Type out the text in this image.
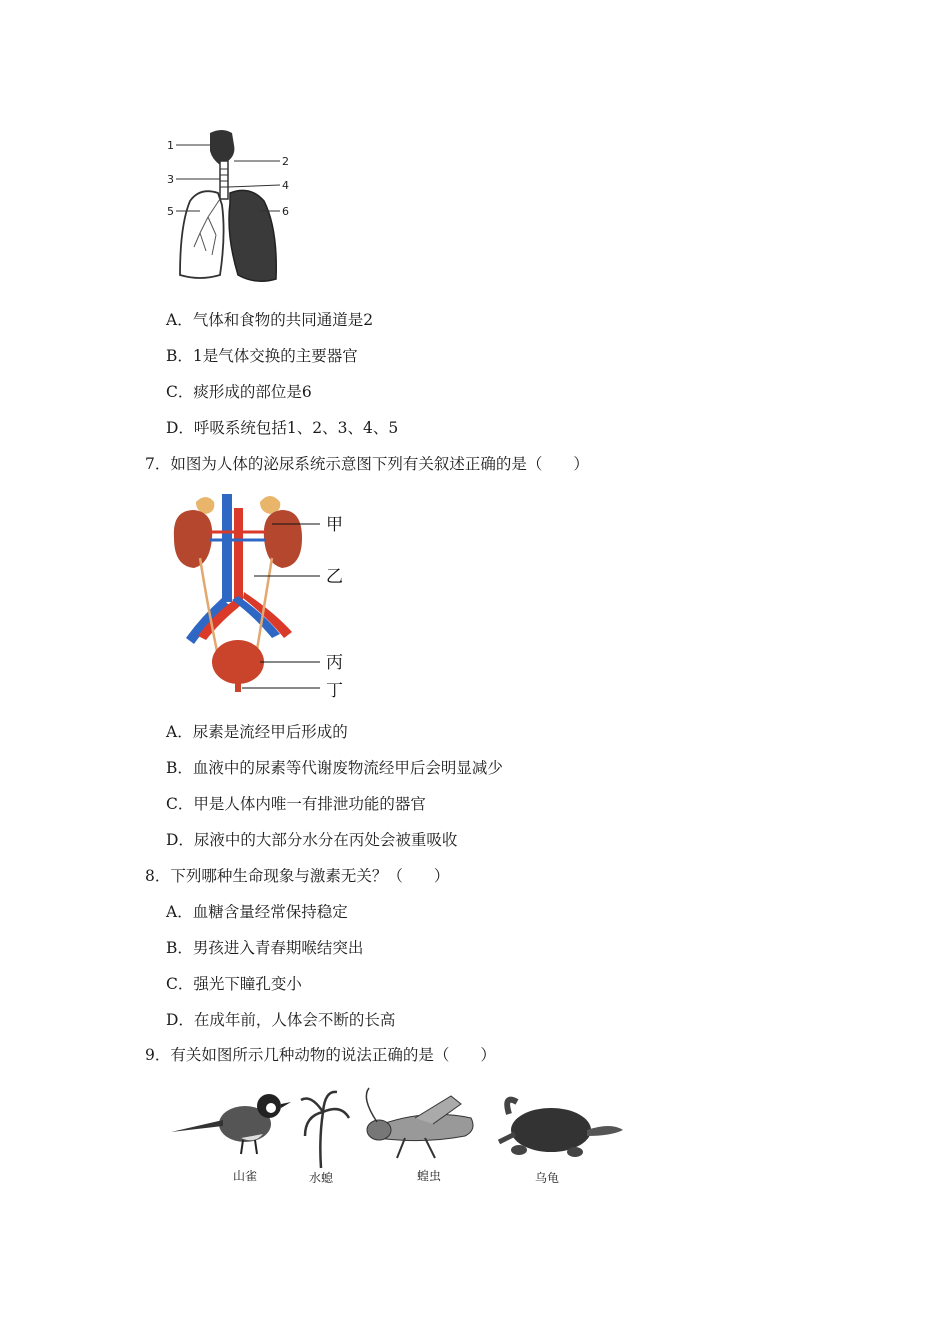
1
2
3	4
5	6
A．气体和食物的共同通道是2
B．1是气体交换的主要器官
C．痰形成的部位是6
D．呼吸系统包括1、2、3、4、5
7．如图为人体的泌尿系统示意图下列有关叙述正确的是（　　）
甲
乙
丙
丁
A．尿素是流经甲后形成的
B．血液中的尿素等代谢废物流经甲后会明显减少
C．甲是人体内唯一有排泄功能的器官
D．尿液中的大部分水分在丙处会被重吸收
8．下列哪种生命现象与激素无关？（　　）
A．血糖含量经常保持稳定
B．男孩进入青春期喉结突出
C．强光下瞳孔变小
D．在成年前，人体会不断的长高
9．有关如图所示几种动物的说法正确的是（　　）
山雀	水螅	蝗虫	乌龟
